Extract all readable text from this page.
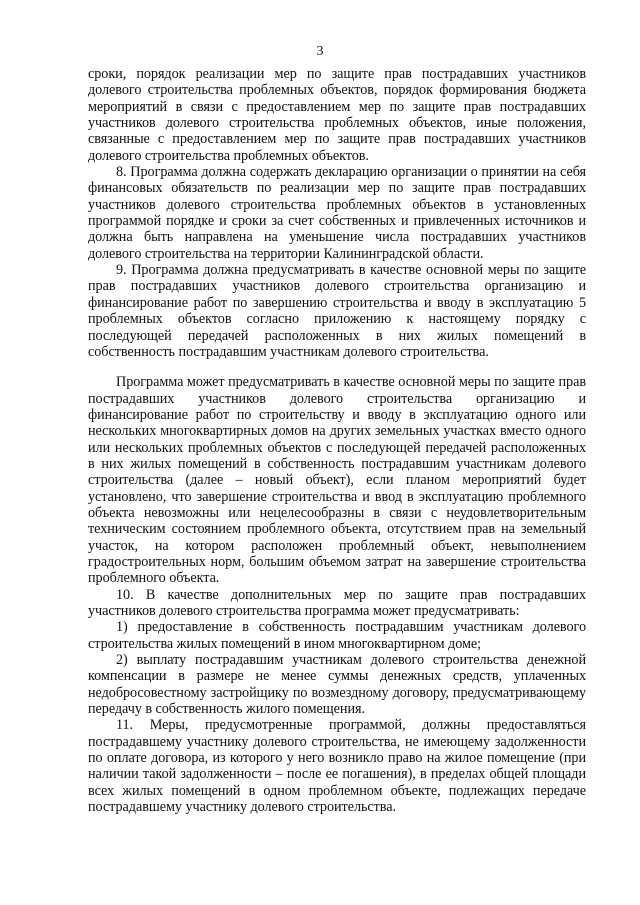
3

сроки, порядок реализации мер по защите прав пострадавших участников долевого строительства проблемных объектов, порядок формирования бюджета мероприятий в связи с предоставлением мер по защите прав пострадавших участников долевого строительства проблемных объектов, иные положения, связанные с предоставлением мер по защите прав пострадавших участников долевого строительства проблемных объектов.

8. Программа должна содержать декларацию организации о принятии на себя финансовых обязательств по реализации мер по защите прав пострадавших участников долевого строительства проблемных объектов в установленных программой порядке и сроки за счет собственных и привлеченных источников и должна быть направлена на уменьшение числа пострадавших участников долевого строительства на территории Калининградской области.

9. Программа должна предусматривать в качестве основной меры по защите прав пострадавших участников долевого строительства организацию и финансирование работ по завершению строительства и вводу в эксплуатацию 5 проблемных объектов согласно приложению к настоящему порядку с последующей передачей расположенных в них жилых помещений в собственность пострадавшим участникам долевого строительства.

Программа может предусматривать в качестве основной меры по защите прав пострадавших участников долевого строительства организацию и финансирование работ по строительству и вводу в эксплуатацию одного или нескольких многоквартирных домов на других земельных участках вместо одного или нескольких проблемных объектов с последующей передачей расположенных в них жилых помещений в собственность пострадавшим участникам долевого строительства (далее – новый объект), если планом мероприятий будет установлено, что завершение строительства и ввод в эксплуатацию проблемного объекта невозможны или нецелесообразны в связи с неудовлетворительным техническим состоянием проблемного объекта, отсутствием прав на земельный участок, на котором расположен проблемный объект, невыполнением градостроительных норм, большим объемом затрат на завершение строительства проблемного объекта.

10. В качестве дополнительных мер по защите прав пострадавших участников долевого строительства программа может предусматривать:

1) предоставление в собственность пострадавшим участникам долевого строительства жилых помещений в ином многоквартирном доме;

2) выплату пострадавшим участникам долевого строительства денежной компенсации в размере не менее суммы денежных средств, уплаченных недобросовестному застройщику по возмездному договору, предусматривающему передачу в собственность жилого помещения.

11. Меры, предусмотренные программой, должны предоставляться пострадавшему участнику долевого строительства, не имеющему задолженности по оплате договора, из которого у него возникло право на жилое помещение (при наличии такой задолженности – после ее погашения), в пределах общей площади всех жилых помещений в одном проблемном объекте, подлежащих передаче пострадавшему участнику долевого строительства.
